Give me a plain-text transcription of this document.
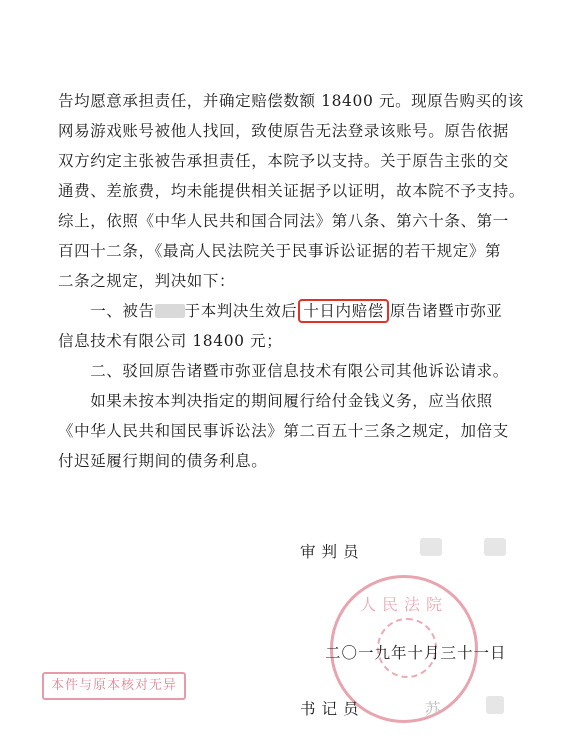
告均愿意承担责任，并确定赔偿数额 18400 元。现原告购买的该
网易游戏账号被他人找回，致使原告无法登录该账号。原告依据
双方约定主张被告承担责任，本院予以支持。关于原告主张的交
通费、差旅费，均未能提供相关证据予以证明，故本院不予支持。
综上，依照《中华人民共和国合同法》第八条、第六十条、第一
百四十二条，《最高人民法院关于民事诉讼证据的若干规定》第
二条之规定，判决如下：
　　一、被告 于本判决生效后 十日内赔偿 原告诸暨市弥亚
信息技术有限公司 18400 元；
　　二、驳回原告诸暨市弥亚信息技术有限公司其他诉讼请求。
　　如果未按本判决指定的期间履行给付金钱义务，应当依照
《中华人民共和国民事诉讼法》第二百五十三条之规定，加倍支
付迟延履行期间的债务利息。
审判员
人民法院
二〇一九年十月三十一日
本件与原本核对无异
书记员	苏
